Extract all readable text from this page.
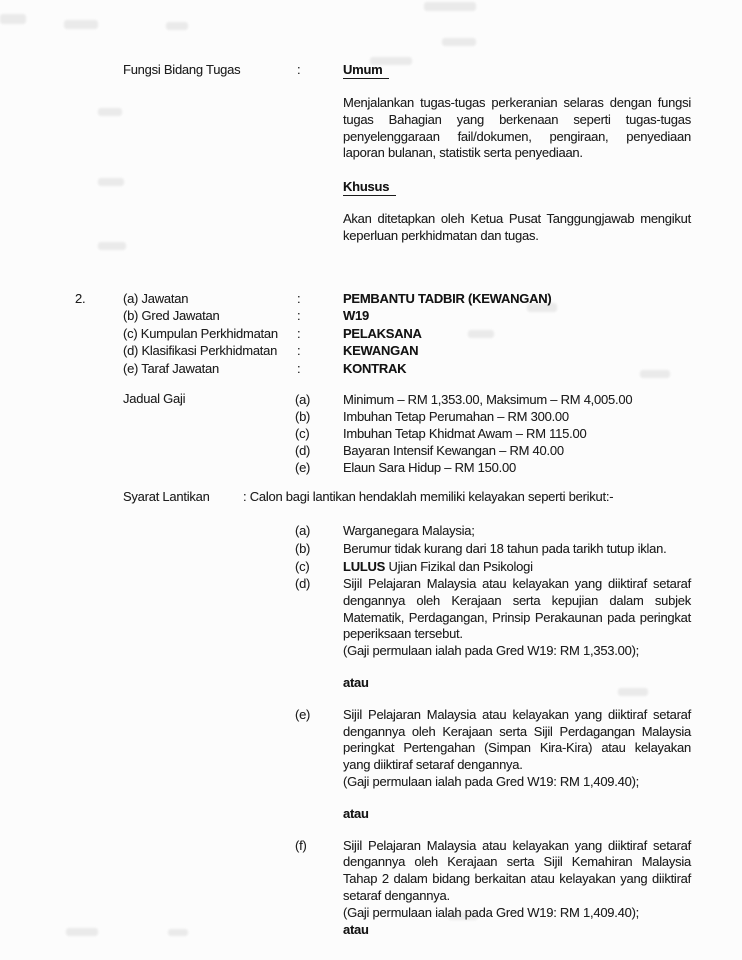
Fungsi Bidang Tugas	:	Umum
Menjalankan tugas-tugas perkeranian selaras dengan fungsi tugas Bahagian yang berkenaan seperti tugas-tugas penyelenggaraan fail/dokumen, pengiraan, penyediaan laporan bulanan, statistik serta penyediaan.
Khusus
Akan ditetapkan oleh Ketua Pusat Tanggungjawab mengikut keperluan perkhidmatan dan tugas.
2.	(a) Jawatan	:	PEMBANTU TADBIR (KEWANGAN)
(b) Gred Jawatan	:	W19
(c) Kumpulan Perkhidmatan :	PELAKSANA
(d) Klasifikasi Perkhidmatan :	KEWANGAN
(e) Taraf Jawatan	:	KONTRAK
Jadual Gaji	(a)	Minimum – RM 1,353.00, Maksimum – RM 4,005.00
(b)	Imbuhan Tetap Perumahan – RM 300.00
(c)	Imbuhan Tetap Khidmat Awam – RM 115.00
(d)	Bayaran Intensif Kewangan – RM 40.00
(e)	Elaun Sara Hidup – RM 150.00
Syarat Lantikan	: Calon bagi lantikan hendaklah memiliki kelayakan seperti berikut:-
(a)	Warganegara Malaysia;
(b)	Berumur tidak kurang dari 18 tahun pada tarikh tutup iklan.
(c)	LULUS Ujian Fizikal dan Psikologi
(d)	Sijil Pelajaran Malaysia atau kelayakan yang diiktiraf setaraf dengannya oleh Kerajaan serta kepujian dalam subjek Matematik, Perdagangan, Prinsip Perakaunan pada peringkat peperiksaan tersebut.
(Gaji permulaan ialah pada Gred W19: RM 1,353.00);
atau
(e)	Sijil Pelajaran Malaysia atau kelayakan yang diiktiraf setaraf dengannya oleh Kerajaan serta Sijil Perdagangan Malaysia peringkat Pertengahan (Simpan Kira-Kira) atau kelayakan yang diiktiraf setaraf dengannya.
(Gaji permulaan ialah pada Gred W19: RM 1,409.40);
atau
(f)	Sijil Pelajaran Malaysia atau kelayakan yang diiktiraf setaraf dengannya oleh Kerajaan serta Sijil Kemahiran Malaysia Tahap 2 dalam bidang berkaitan atau kelayakan yang diiktiraf setaraf dengannya.
(Gaji permulaan ialah pada Gred W19: RM 1,409.40);
atau
